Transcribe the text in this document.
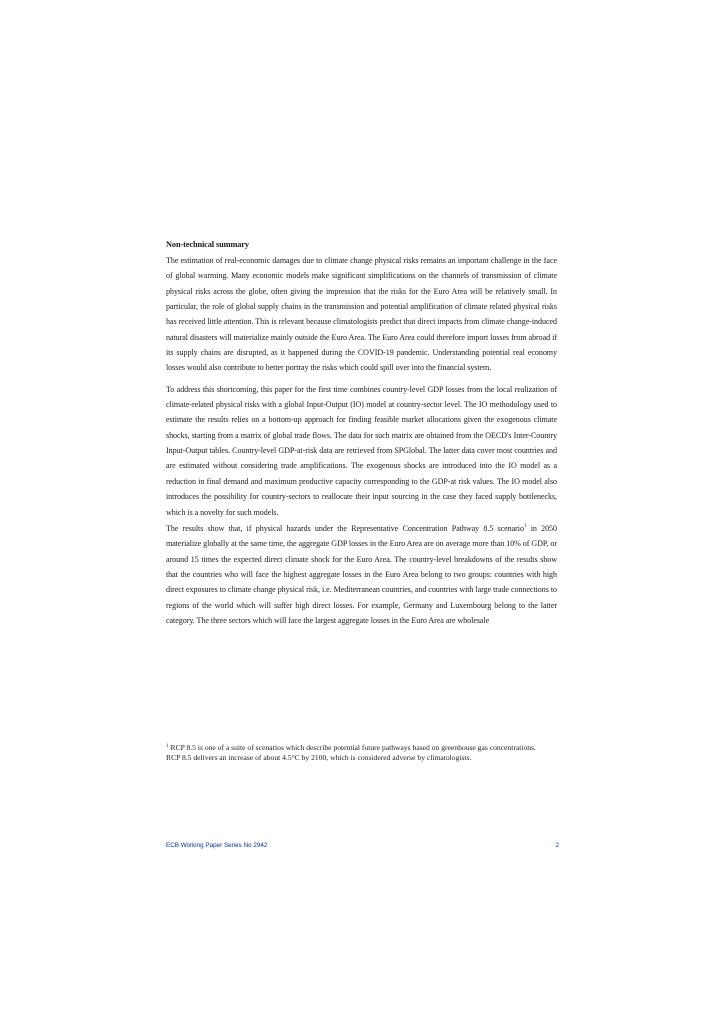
Non-technical summary

The estimation of real-economic damages due to climate change physical risks remains an important challenge in the face of global warming. Many economic models make significant simplifications on the channels of transmission of climate physical risks across the globe, often giving the impression that the risks for the Euro Area will be relatively small. In particular, the role of global supply chains in the transmission and potential amplification of climate related physical risks has received little attention. This is relevant because climatologists predict that direct impacts from climate change-induced natural disasters will materialize mainly outside the Euro Area. The Euro Area could therefore import losses from abroad if its supply chains are disrupted, as it happened during the COVID-19 pandemic. Understanding potential real economy losses would also contribute to better portray the risks which could spill over into the financial system.

To address this shortcoming, this paper for the first time combines country-level GDP losses from the local realization of climate-related physical risks with a global Input-Output (IO) model at country-sector level. The IO methodology used to estimate the results relies on a bottom-up approach for finding feasible market allocations given the exogenous climate shocks, starting from a matrix of global trade flows. The data for such matrix are obtained from the OECD's Inter-Country Input-Output tables. Country-level GDP-at-risk data are retrieved from SPGlobal. The latter data cover most countries and are estimated without considering trade amplifications. The exogenous shocks are introduced into the IO model as a reduction in final demand and maximum productive capacity corresponding to the GDP-at risk values. The IO model also introduces the possibility for country-sectors to reallocate their input sourcing in the case they faced supply bottlenecks, which is a novelty for such models.

The results show that, if physical hazards under the Representative Concentration Pathway 8.5 scenario$^1$ in 2050 materialize globally at the same time, the aggregate GDP losses in the Euro Area are on average more than 10% of GDP, or around 15 times the expected direct climate shock for the Euro Area. The country-level breakdowns of the results show that the countries who will face the highest aggregate losses in the Euro Area belong to two groups: countries with high direct exposures to climate change physical risk, i.e. Mediterranean countries, and countries with large trade connections to regions of the world which will suffer high direct losses. For example, Germany and Luxembourg belong to the latter category. The three sectors which will face the largest aggregate losses in the Euro Area are wholesale

$^1$ RCP 8.5 is one of a suite of scenarios which describe potential future pathways based on greenhouse gas concentrations. RCP 8.5 delivers an increase of about 4.5°C by 2100, which is considered adverse by climatologists.

ECB Working Paper Series No 2942	2
